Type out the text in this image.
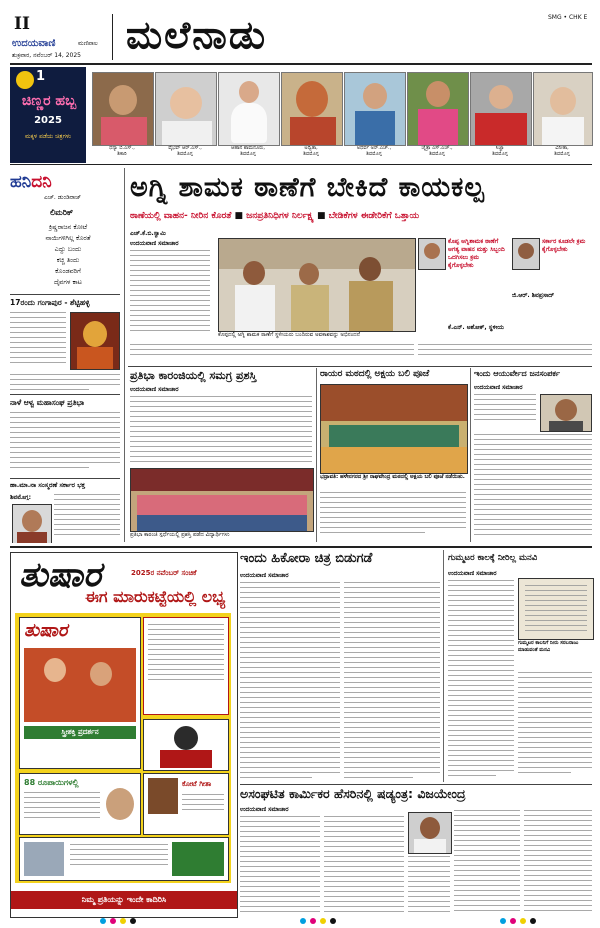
II
ಉದಯವಾಣಿ	ಮಣಿಪಾಲ
ಶುಕ್ರವಾರ, ನವೆಂಬರ್ 14, 2025 ಮಲೆನಾಡು	SMG • CHK E
1
ಚಿಣ್ಣರ ಹಬ್ಬ
2025
ಮಕ್ಕಳ ಪಡೆಯ ಚಿತ್ರಗಳು
ಧನ್ಯಾ ಬಿ.ಎಸ್.,
ಶಿಕಾರಿ
ವೈಭವ್ ಆರ್.ಎಸ್.,
ಶಿವಮೊಗ್ಗ
ಆಹಾನ ಶಾಮನೂರು,
ಶಿವಮೊಗ್ಗ
ಅದ್ವಿತಾ,
ಶಿವಮೊಗ್ಗ
ಅಧರ್ವ ಅರ್.ಎಚ್.,
ಶಿವಮೊಗ್ಗ
ಚೈತ್ರಾ ಎಸ್.ಎಚ್.,
ಶಿವಮೊಗ್ಗ
ಸಿಜ್ಞಾ
ಶಿವಮೊಗ್ಗ
ವಿನೀತಾ,
ಶಿವಮೊಗ್ಗ
ಹನಿದನಿ
ಎಚ್. ಡುಂಡಿರಾಜ್
ಲಿಮರಿಕ್
ಕ್ರಿಷ್ಣರಾಜನ ಕೋಟೆ
ನಾಯಿಗಳಿಗಿಲ್ಲ ಕೊರತೆ
ಎದ್ದು ಬಂದು
ಕಚ್ಚಿ ತಿಂದು
ಕೊಂಡವರಿಗೆ
ದೈವಗಳ ಕಾಟ
17ರಂದು ಗಂಗಾಪುರ - ಶೆಟ್ಟಿಹಳ್ಳಿ
ನಾಳೆ ಆಳ್ವ ಮಹಾಸಂಘ ಪ್ರತಿಭಾ
ಹಾ.ಮಾ.ನಾ ಸಂಸ್ಮರಣೆ ಸರ್ಕಾರ ಭಕ್ತ
ಶಿವಮೊಗ್ಗ:
ಅಗ್ನಿ ಶಾಮಕ ಠಾಣೆಗೆ ಬೇಕಿದೆ ಕಾಯಕಲ್ಪ
ಠಾಣೆಯಲ್ಲಿ ವಾಹನ- ನೀರಿನ ಕೊರತೆ ■ ಜನಪ್ರತಿನಿಧಿಗಳ ನಿರ್ಲಕ್ಷ್ಯ ■ ಬೇಡಿಕೆಗಳ ಈಡೇರಿಕೆಗೆ ಒತ್ತಾಯ
ಎಚ್.ಕೆ.ಬಿ.ಸ್ವಾಮಿ
ಉದಯವಾಣಿ ಸಮಾಚಾರ
ಕೊಪ್ಪದಲ್ಲಿ ಅಗ್ನಿ ಶಾಮಕ ಠಾಣೆಗೆ ಸ್ಥಳೀಯರು ಬಂದಿರುವ ಅವಕಾಶವನ್ನು ಅಭಿನಂದನೆ
ಕೊಪ್ಪ ಅಗ್ನಿಶಾಮಕ ಠಾಣೆಗೆ ಅಗತ್ಯ ವಾಹನ ಮತ್ತು ಸಿಬ್ಬಂದಿ ಒದಗಿಸಲು ಕ್ರಮ ಕೈಗೊಳ್ಳಬೇಕು
ಕೆ.ಎನ್. ಅಶೋಕ್, ಸ್ಥಳೀಯ
ಸರ್ಕಾರ ಕೂಡಲೇ ಕ್ರಮ ಕೈಗೊಳ್ಳಬೇಕು
ಜಿ.ಆರ್. ಶಿವಪ್ರಸಾದ್
ಪ್ರತಿಭಾ ಕಾರಂಜಿಯಲ್ಲಿ ಸಮಗ್ರ ಪ್ರಶಸ್ತಿ
ಉದಯವಾಣಿ ಸಮಾಚಾರ
ಪ್ರತಿಭಾ ಕಾರಂಜಿ ಸ್ಪರ್ಧೆಯಲ್ಲಿ ಪ್ರಶಸ್ತಿ ಪಡೆದ ವಿದ್ಯಾರ್ಥಿಗಳು
ರಾಯರ ಮಠದಲ್ಲಿ ಅಕ್ಷಯ ಬಲಿ ಪೂಜೆ
ಭದ್ರಾವತಿ: ಹಳೇನಗರದ ಶ್ರೀ ರಾಘವೇಂದ್ರ ಮಠದಲ್ಲಿ ಅಕ್ಷಯ ಬಲಿ ಪೂಜೆ ನಡೆಯಿತು.
ಇಂದು ಆಯುರ್ವೇದ ಜನಸಂಪರ್ಕ
ಉದಯವಾಣಿ ಸಮಾಚಾರ
ತುಷಾರ	2025ರ ನವೆಂಬರ್ ಸಂಚಿಕೆ
ಈಗ ಮಾರುಕಟ್ಟೆಯಲ್ಲಿ ಲಭ್ಯ
ತುಷಾರ
ಸ್ತ್ರೀಶಕ್ತಿ ಪ್ರದರ್ಶನ
88 ರೂಪಾಯಿಗಳಲ್ಲಿ	ಕೋಟೆ ಗೀತಾ
ನಿಮ್ಮ ಪ್ರತಿಯನ್ನು ಇಂದೇ ಕಾದಿರಿಸಿ
ಇಂದು ಹಿಕೋರಾ ಚಿತ್ರ ಬಿಡುಗಡೆ
ಉದಯವಾಣಿ ಸಮಾಚಾರ
ಗುಮ್ಮಟರ ಕಾಲಕ್ಕೆ ನೀರಿಲ್ಲ ಮನವಿ
ಉದಯವಾಣಿ ಸಮಾಚಾರ
ಗುಮ್ಮಟರ ಕಾಲನಿಗೆ ನೀರು ಸರಬರಾಜು ಮಾಡುವಂತೆ ಮನವಿ
ಅಸಂಘಟಿತ ಕಾರ್ಮಿಕರ ಹೆಸರಿನಲ್ಲಿ ಷಡ್ಯಂತ್ರ: ವಿಜಯೇಂದ್ರ
ಉದಯವಾಣಿ ಸಮಾಚಾರ
